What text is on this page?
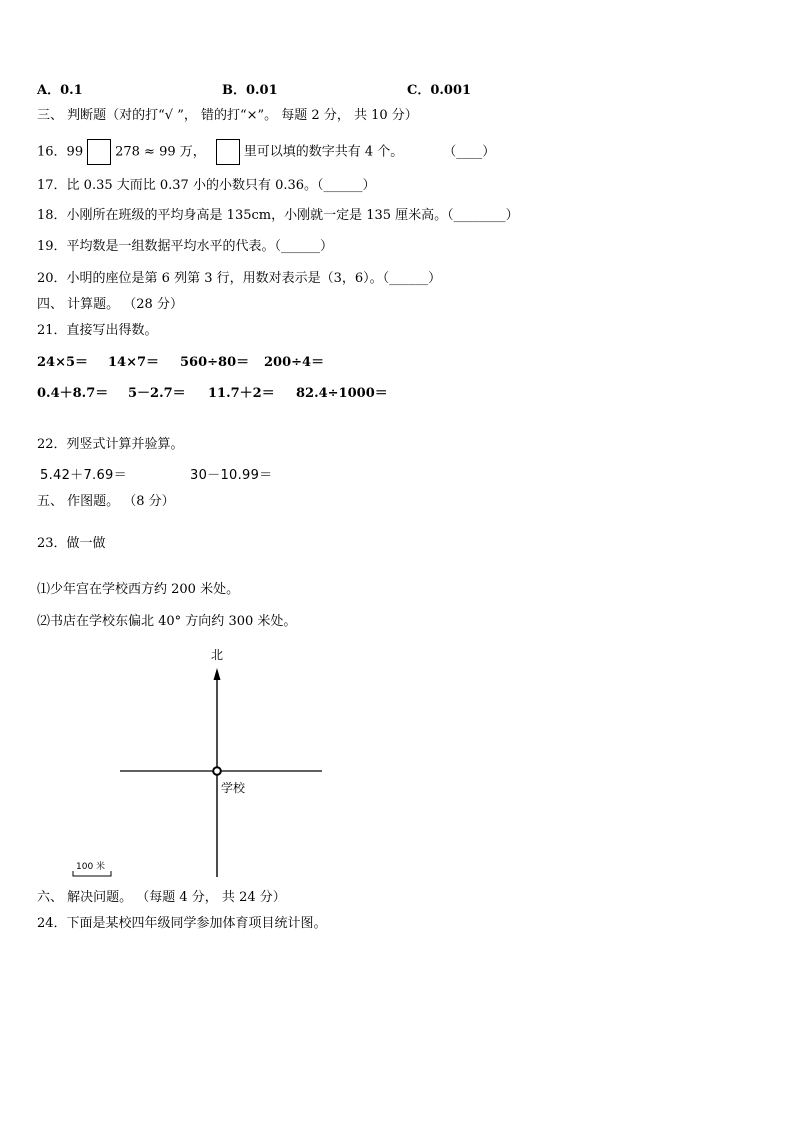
A．0.1	B．0.01	C．0.001
三、 判断题（对的打“√ ”， 错的打“×”。 每题 2 分， 共 10 分）
16．99 278 ≈ 99 万，	里可以填的数字共有 4 个。	（____）
17．比 0.35 大而比 0.37 小的小数只有 0.36。（______）
18．小刚所在班级的平均身高是 135cm，小刚就一定是 135 厘米高。（________）
19．平均数是一组数据平均水平的代表。（______）
20．小明的座位是第 6 列第 3 行，用数对表示是（3，6）。（______）
四、 计算题。 （28 分）
21．直接写出得数。
24×5＝ 14×7＝ 560÷80＝ 200÷4＝
0.4＋8.7＝ 5－2.7＝ 11.7＋2＝ 82.4÷1000＝
22．列竖式计算并验算。
5.42＋7.69＝	30－10.99＝
五、 作图题。 （8 分）
23．做一做
⑴少年宫在学校西方约 200 米处。
⑵书店在学校东偏北 40° 方向约 300 米处。
北
学校
100 米
六、 解决问题。 （每题 4 分， 共 24 分）
24．下面是某校四年级同学参加体育项目统计图。
